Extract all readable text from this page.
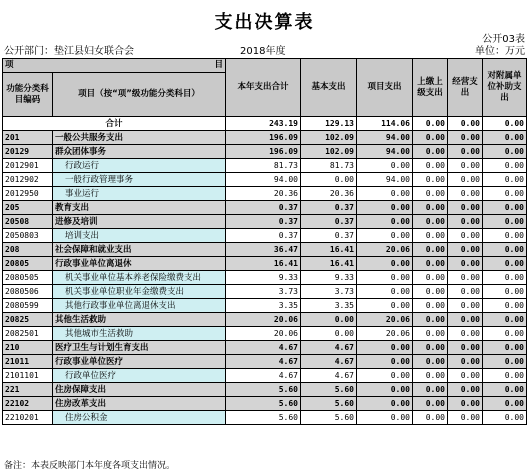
支出决算表
公开03表
公开部门：垫江县妇女联合会	2018年度	单位：万元
项	目	本年支出合计	基本支出	项目支出	上缴上级支出	经营支出	对附属单位补助支出
功能分类科目编码	项目（按“项”级功能分类科目）						
合计		243.19	129.13	114.06	0.00	0.00	0.00
201	一般公共服务支出	196.09	102.09	94.00	0.00	0.00	0.00
20129	群众团体事务	196.09	102.09	94.00	0.00	0.00	0.00
2012901	行政运行	81.73	81.73	0.00	0.00	0.00	0.00
2012902	一般行政管理事务	94.00	0.00	94.00	0.00	0.00	0.00
2012950	事业运行	20.36	20.36	0.00	0.00	0.00	0.00
205	教育支出	0.37	0.37	0.00	0.00	0.00	0.00
20508	进修及培训	0.37	0.37	0.00	0.00	0.00	0.00
2050803	培训支出	0.37	0.37	0.00	0.00	0.00	0.00
208	社会保障和就业支出	36.47	16.41	20.06	0.00	0.00	0.00
20805	行政事业单位离退休	16.41	16.41	0.00	0.00	0.00	0.00
2080505	机关事业单位基本养老保险缴费支出	9.33	9.33	0.00	0.00	0.00	0.00
2080506	机关事业单位职业年金缴费支出	3.73	3.73	0.00	0.00	0.00	0.00
2080599	其他行政事业单位离退休支出	3.35	3.35	0.00	0.00	0.00	0.00
20825	其他生活救助	20.06	0.00	20.06	0.00	0.00	0.00
2082501	其他城市生活救助	20.06	0.00	20.06	0.00	0.00	0.00
210	医疗卫生与计划生育支出	4.67	4.67	0.00	0.00	0.00	0.00
21011	行政事业单位医疗	4.67	4.67	0.00	0.00	0.00	0.00
2101101	行政单位医疗	4.67	4.67	0.00	0.00	0.00	0.00
221	住房保障支出	5.60	5.60	0.00	0.00	0.00	0.00
22102	住房改革支出	5.60	5.60	0.00	0.00	0.00	0.00
2210201	住房公积金	5.60	5.60	0.00	0.00	0.00	0.00
备注：本表反映部门本年度各项支出情况。
